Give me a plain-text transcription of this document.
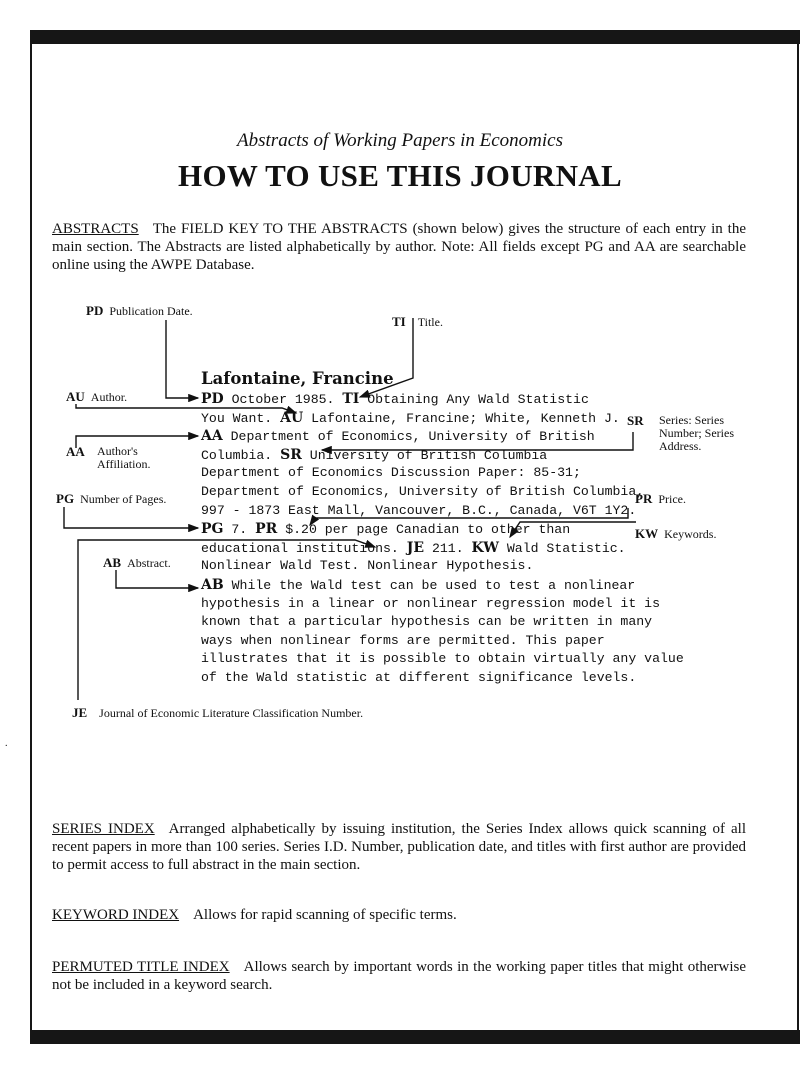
Abstracts of Working Papers in Economics
HOW TO USE THIS JOURNAL
ABSTRACTS The FIELD KEY TO THE ABSTRACTS (shown below) gives the structure of each entry in the main section. The Abstracts are listed alphabetically by author. Note: All fields except PG and AA are searchable online using the AWPE Database.
PD Publication Date.
TI Title.
AU Author.
AA Author's
Affiliation.
PG Number of Pages.
AB Abstract.
JE Journal of Economic Literature Classification Number.
SR Series: Series
Number; Series
Address.
PR Price.
KW Keywords.
Lafontaine, Francine
PD October 1985. TI Obtaining Any Wald Statistic
You Want. AU Lafontaine, Francine; White, Kenneth J.
AA Department of Economics, University of British
Columbia. SR University of British Columbia
Department of Economics Discussion Paper: 85-31;
Department of Economics, University of British Columbia,
997 - 1873 East Mall, Vancouver, B.C., Canada, V6T 1Y2.
PG 7. PR $.20 per page Canadian to other than
educational institutions. JE 211. KW Wald Statistic.
Nonlinear Wald Test. Nonlinear Hypothesis.
AB While the Wald test can be used to test a nonlinear
hypothesis in a linear or nonlinear regression model it is
known that a particular hypothesis can be written in many
ways when nonlinear forms are permitted. This paper
illustrates that it is possible to obtain virtually any value
of the Wald statistic at different significance levels.
.
SERIES INDEX Arranged alphabetically by issuing institution, the Series Index allows quick scanning of all recent papers in more than 100 series. Series I.D. Number, publication date, and titles with first author are provided to permit access to full abstract in the main section.
KEYWORD INDEX Allows for rapid scanning of specific terms.
PERMUTED TITLE INDEX Allows search by important words in the working paper titles that might otherwise not be included in a keyword search.
